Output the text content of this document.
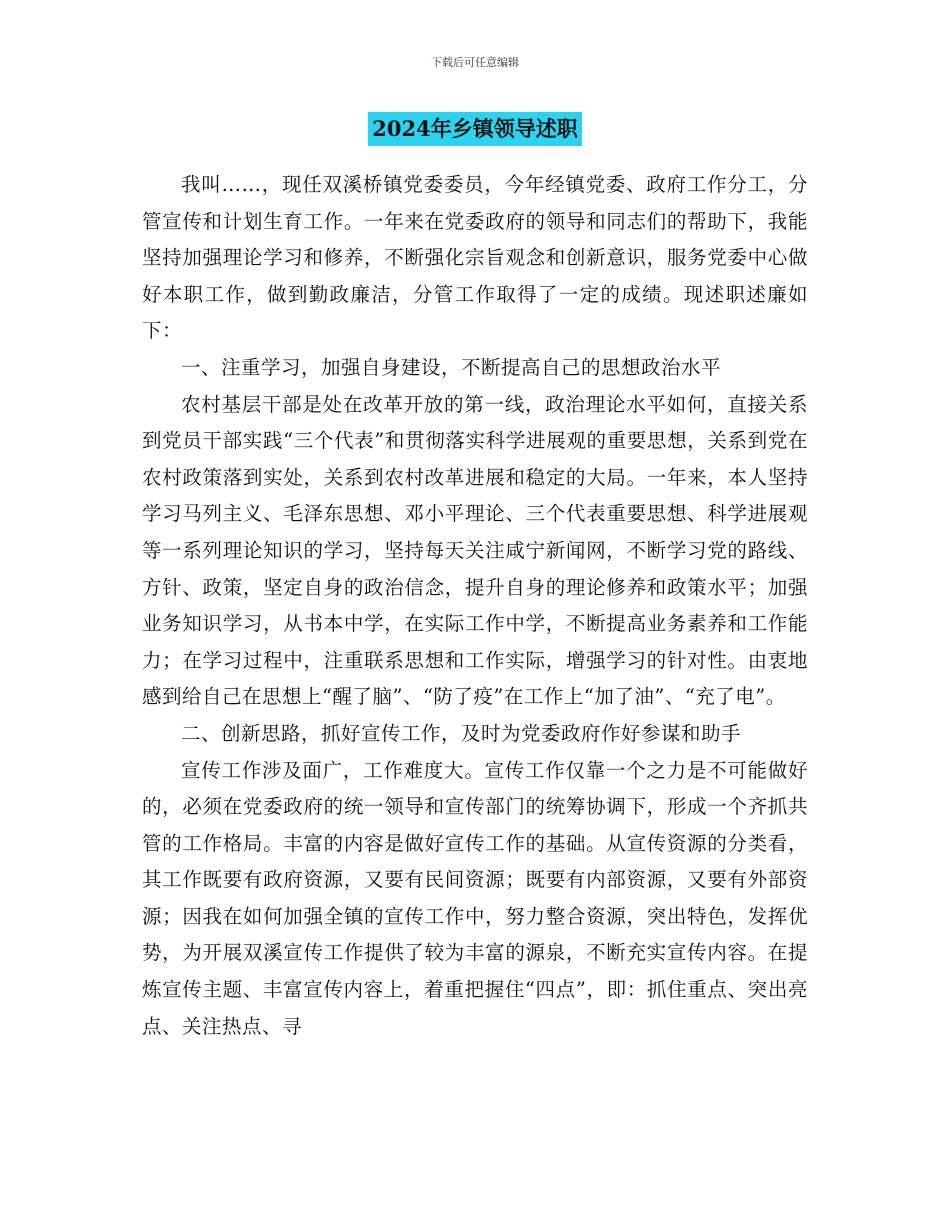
下载后可任意编辑
2024年乡镇领导述职

我叫……，现任双溪桥镇党委委员，今年经镇党委、政府工作分工，分管宣传和计划生育工作。一年来在党委政府的领导和同志们的帮助下，我能坚持加强理论学习和修养，不断强化宗旨观念和创新意识，服务党委中心做好本职工作，做到勤政廉洁，分管工作取得了一定的成绩。现述职述廉如下：

一、注重学习，加强自身建设，不断提高自己的思想政治水平

农村基层干部是处在改革开放的第一线，政治理论水平如何，直接关系到党员干部实践“三个代表”和贯彻落实科学进展观的重要思想，关系到党在农村政策落到实处，关系到农村改革进展和稳定的大局。一年来，本人坚持学习马列主义、毛泽东思想、邓小平理论、三个代表重要思想、科学进展观等一系列理论知识的学习，坚持每天关注咸宁新闻网，不断学习党的路线、方针、政策，坚定自身的政治信念，提升自身的理论修养和政策水平；加强业务知识学习，从书本中学，在实际工作中学，不断提高业务素养和工作能力；在学习过程中，注重联系思想和工作实际，增强学习的针对性。由衷地感到给自己在思想上“醒了脑”、“防了疫”在工作上“加了油”、“充了电”。

二、创新思路，抓好宣传工作，及时为党委政府作好参谋和助手

宣传工作涉及面广，工作难度大。宣传工作仅靠一个之力是不可能做好的，必须在党委政府的统一领导和宣传部门的统筹协调下，形成一个齐抓共管的工作格局。丰富的内容是做好宣传工作的基础。从宣传资源的分类看，其工作既要有政府资源，又要有民间资源；既要有内部资源，又要有外部资源；因我在如何加强全镇的宣传工作中，努力整合资源，突出特色，发挥优势，为开展双溪宣传工作提供了较为丰富的源泉，不断充实宣传内容。在提炼宣传主题、丰富宣传内容上，着重把握住“四点”，即：抓住重点、突出亮点、关注热点、寻
